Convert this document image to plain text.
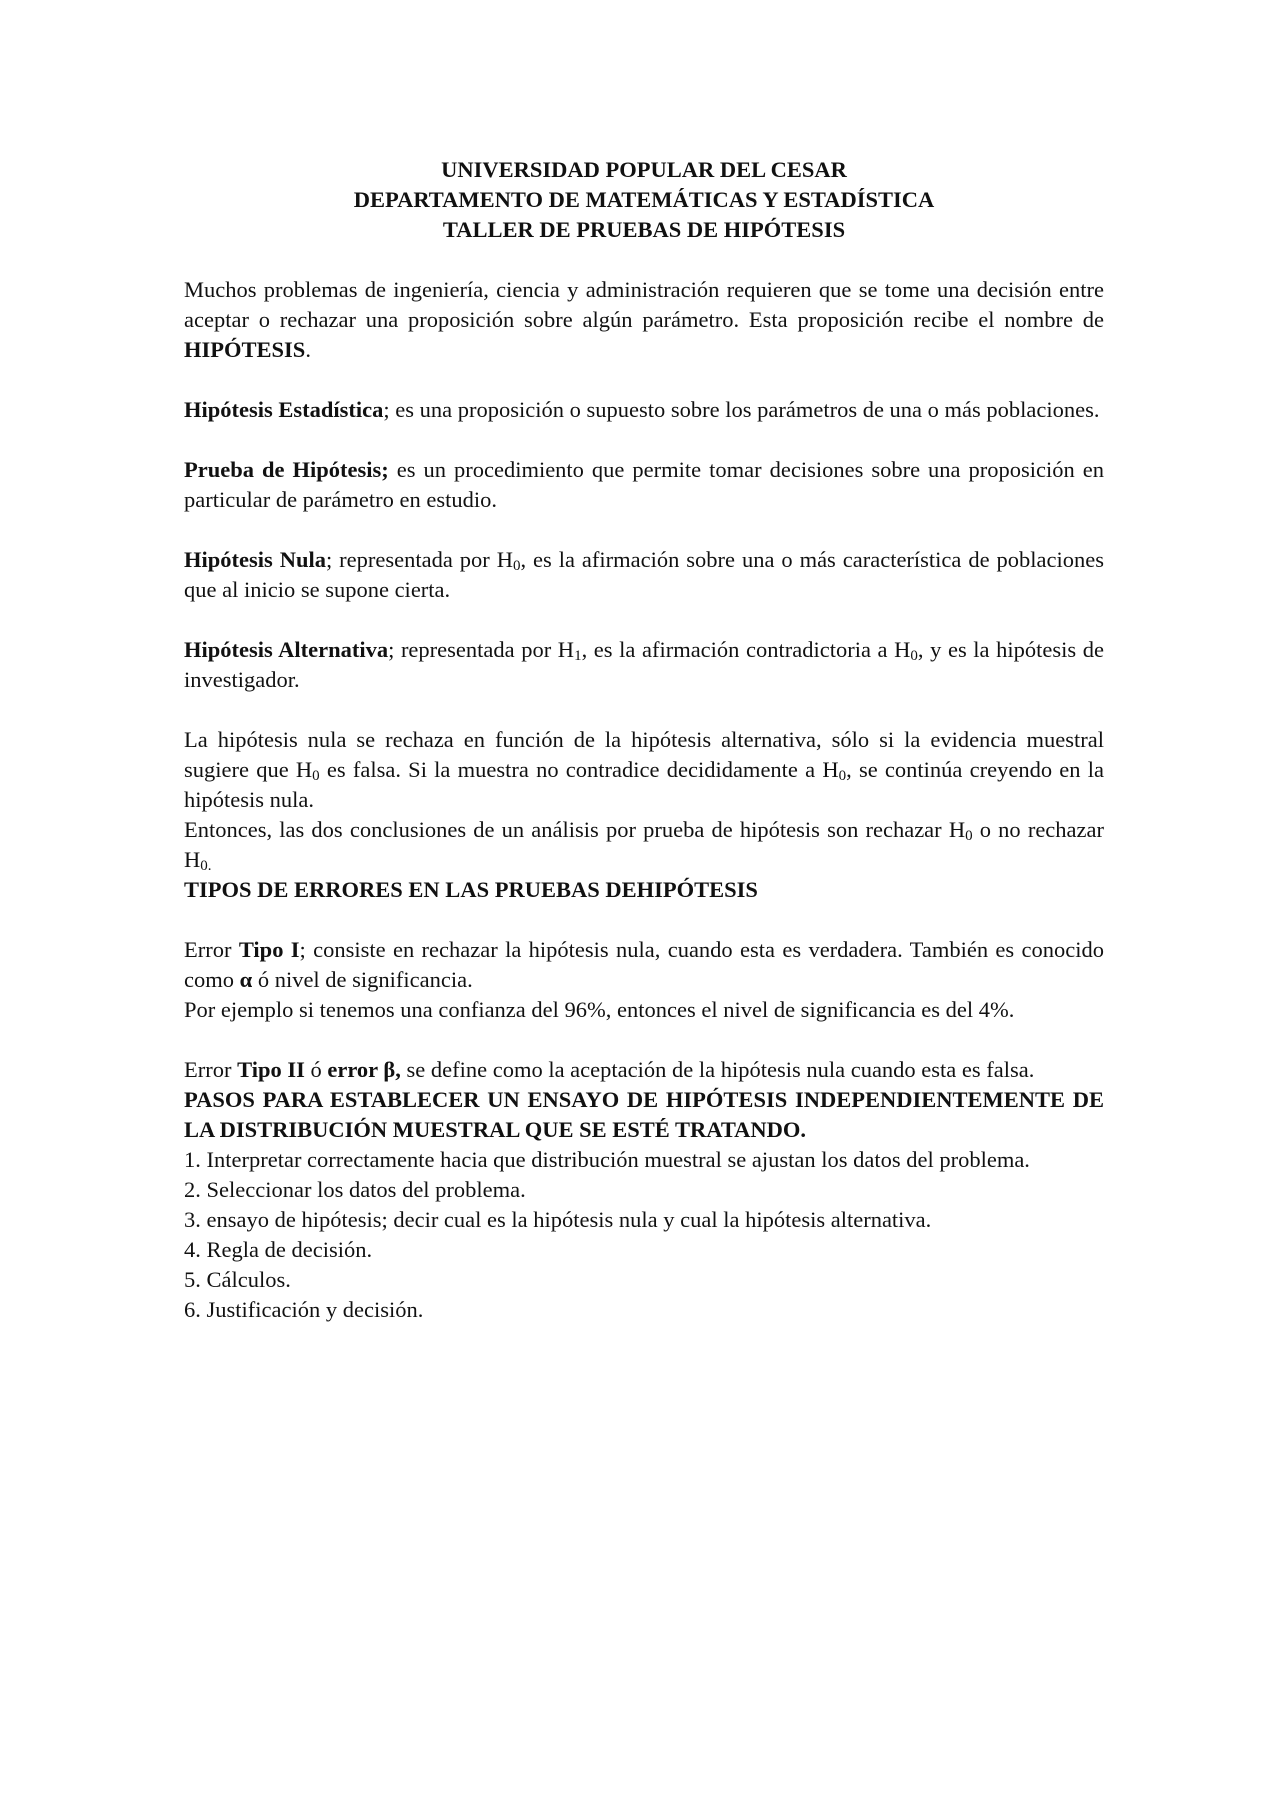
UNIVERSIDAD POPULAR DEL CESAR
DEPARTAMENTO DE MATEMÁTICAS Y ESTADÍSTICA
TALLER DE PRUEBAS DE HIPÓTESIS

Muchos problemas de ingeniería, ciencia y administración requieren que se tome una decisión entre aceptar o rechazar una proposición sobre algún parámetro. Esta proposición recibe el nombre de HIPÓTESIS.

Hipótesis Estadística; es una proposición o supuesto sobre los parámetros de una o más poblaciones.

Prueba de Hipótesis; es un procedimiento que permite tomar decisiones sobre una proposición en particular de parámetro en estudio.

Hipótesis Nula; representada por $H_0$, es la afirmación sobre una o más característica de poblaciones que al inicio se supone cierta.

Hipótesis Alternativa; representada por $H_1$, es la afirmación contradictoria a $H_0$, y es la hipótesis de investigador.

La hipótesis nula se rechaza en función de la hipótesis alternativa, sólo si la evidencia muestral sugiere que $H_0$ es falsa. Si la muestra no contradice decididamente a $H_0$, se continúa creyendo en la hipótesis nula.

Entonces, las dos conclusiones de un análisis por prueba de hipótesis son rechazar $H_0$ o no rechazar $H_{0.}$

TIPOS DE ERRORES EN LAS PRUEBAS DEHIPÓTESIS

Error Tipo I; consiste en rechazar la hipótesis nula, cuando esta es verdadera. También es conocido como α ó nivel de significancia.

Por ejemplo si tenemos una confianza del 96%, entonces el nivel de significancia es del 4%.

Error Tipo II ó error β, se define como la aceptación de la hipótesis nula cuando esta es falsa.

PASOS PARA ESTABLECER UN ENSAYO DE HIPÓTESIS INDEPENDIENTEMENTE DE LA DISTRIBUCIÓN MUESTRAL QUE SE ESTÉ TRATANDO.

1. Interpretar correctamente hacia que distribución muestral se ajustan los datos del problema.
2. Seleccionar los datos del problema.
3. ensayo de hipótesis; decir cual es la hipótesis nula y cual la hipótesis alternativa.
4. Regla de decisión.
5. Cálculos.
6. Justificación y decisión.
